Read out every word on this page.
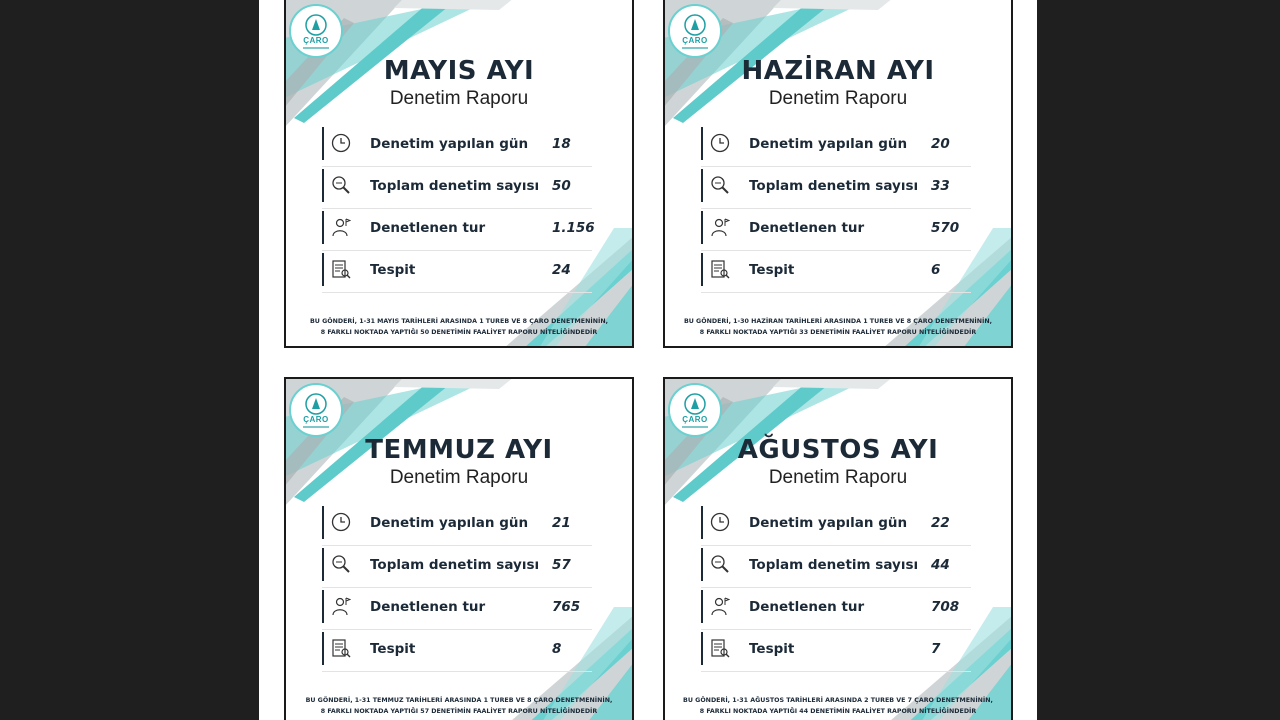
ÇARO
MAYIS AYI
Denetim Raporu
Denetim yapılan gün 18
Toplam denetim sayısı 50
Denetlenen tur	1.156
Tespit	24
BU GÖNDERİ, 1-31 MAYIS TARİHLERİ ARASINDA 1 TUREB VE 8 ÇARO DENETMENİNİN,
8 FARKLI NOKTADA YAPTIĞI 50 DENETİMİN FAALİYET RAPORU NİTELİĞİNDEDİR
ÇARO
HAZİRAN AYI
Denetim Raporu
Denetim yapılan gün 20
Toplam denetim sayısı 33
Denetlenen tur	570
Tespit	6
BU GÖNDERİ, 1-30 HAZİRAN TARİHLERİ ARASINDA 1 TUREB VE 8 ÇARO DENETMENİNİN,
8 FARKLI NOKTADA YAPTIĞI 33 DENETİMİN FAALİYET RAPORU NİTELİĞİNDEDİR
ÇARO
TEMMUZ AYI
Denetim Raporu
Denetim yapılan gün 21
Toplam denetim sayısı 57
Denetlenen tur	765
Tespit	8
BU GÖNDERİ, 1-31 TEMMUZ TARİHLERİ ARASINDA 1 TUREB VE 8 ÇARO DENETMENİNİN,
8 FARKLI NOKTADA YAPTIĞI 57 DENETİMİN FAALİYET RAPORU NİTELİĞİNDEDİR
ÇARO
AĞUSTOS AYI
Denetim Raporu
Denetim yapılan gün 22
Toplam denetim sayısı 44
Denetlenen tur	708
Tespit	7
BU GÖNDERİ, 1-31 AĞUSTOS TARİHLERİ ARASINDA 2 TUREB VE 7 ÇARO DENETMENİNİN,
8 FARKLI NOKTADA YAPTIĞI 44 DENETİMİN FAALİYET RAPORU NİTELİĞİNDEDİR
